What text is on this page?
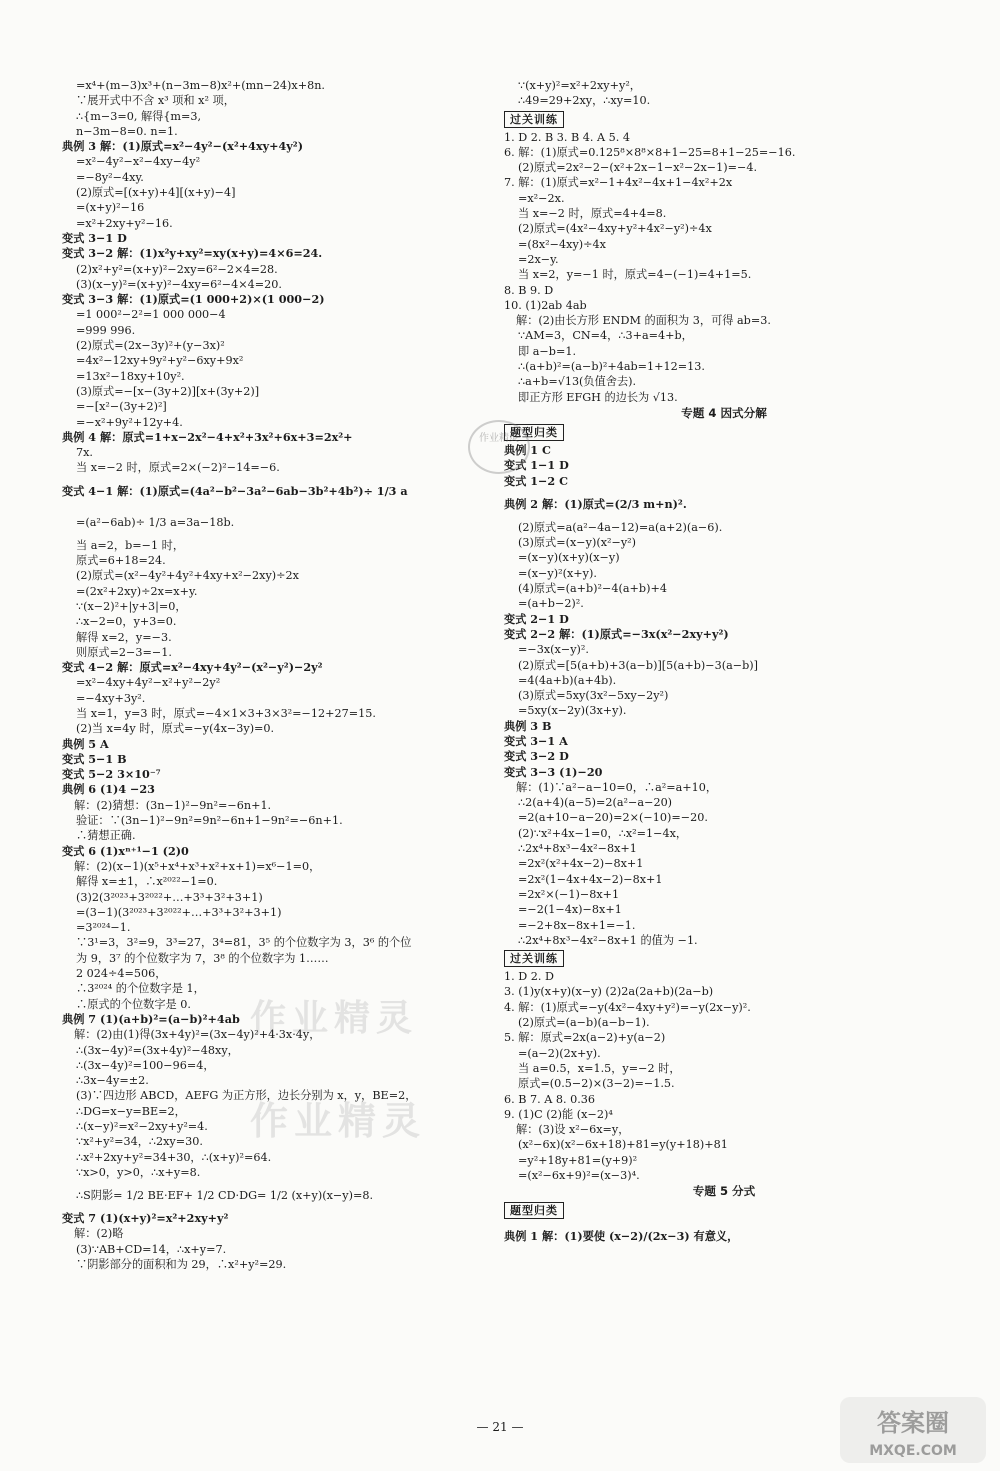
=x⁴+(m−3)x³+(n−3m−8)x²+(mn−24)x+8n.
∵展开式中不含 x³ 项和 x² 项，
∴{m−3=0, 解得{m=3,
n−3m−8=0. n=1.
典例 3 解：(1)原式=x²−4y²−(x²+4xy+4y²)
=x²−4y²−x²−4xy−4y²
=−8y²−4xy.
(2)原式=[(x+y)+4][(x+y)−4]
=(x+y)²−16
=x²+2xy+y²−16.
变式 3−1 D
变式 3−2 解：(1)x²y+xy²=xy(x+y)=4×6=24.
(2)x²+y²=(x+y)²−2xy=6²−2×4=28.
(3)(x−y)²=(x+y)²−4xy=6²−4×4=20.
变式 3−3 解：(1)原式=(1 000+2)×(1 000−2)
=1 000²−2²=1 000 000−4
=999 996.
(2)原式=(2x−3y)²+(y−3x)²
=4x²−12xy+9y²+y²−6xy+9x²
=13x²−18xy+10y².
(3)原式=−[x−(3y+2)][x+(3y+2)]
=−[x²−(3y+2)²]
=−x²+9y²+12y+4.
典例 4 解：原式=1+x−2x²−4+x²+3x²+6x+3=2x²+
7x.
当 x=−2 时，原式=2×(−2)²−14=−6.
变式 4−1 解：(1)原式=(4a²−b²−3a²−6ab−3b²+4b²)÷ 1/3 a
=(a²−6ab)÷ 1/3 a=3a−18b.
当 a=2，b=−1 时，
原式=6+18=24.
(2)原式=(x²−4y²+4y²+4xy+x²−2xy)÷2x
=(2x²+2xy)÷2x=x+y.
∵(x−2)²+|y+3|=0，
∴x−2=0，y+3=0.
解得 x=2，y=−3.
则原式=2−3=−1.
变式 4−2 解：原式=x²−4xy+4y²−(x²−y²)−2y²
=x²−4xy+4y²−x²+y²−2y²
=−4xy+3y².
当 x=1，y=3 时，原式=−4×1×3+3×3²=−12+27=15.
(2)当 x=4y 时，原式=−y(4x−3y)=0.
典例 5 A
变式 5−1 B
变式 5−2 3×10⁻⁷
典例 6 (1)4 −23
解：(2)猜想：(3n−1)²−9n²=−6n+1.
验证：∵(3n−1)²−9n²=9n²−6n+1−9n²=−6n+1.
∴猜想正确.
变式 6 (1)xⁿ⁺¹−1 (2)0
解：(2)(x−1)(x⁵+x⁴+x³+x²+x+1)=x⁶−1=0，
解得 x=±1，∴x²⁰²²−1=0.
(3)2(3²⁰²³+3²⁰²²+…+3³+3²+3+1)
=(3−1)(3²⁰²³+3²⁰²²+…+3³+3²+3+1)
=3²⁰²⁴−1.
∵3¹=3，3²=9，3³=27，3⁴=81，3⁵ 的个位数字为 3，3⁶ 的个位
为 9，3⁷ 的个位数字为 7，3⁸ 的个位数字为 1……
2 024÷4=506，
∴3²⁰²⁴ 的个位数字是 1，
∴原式的个位数字是 0.
典例 7 (1)(a+b)²=(a−b)²+4ab
解：(2)由(1)得(3x+4y)²=(3x−4y)²+4·3x·4y，
∴(3x−4y)²=(3x+4y)²−48xy，
∴(3x−4y)²=100−96=4，
∴3x−4y=±2.
(3)∵四边形 ABCD，AEFG 为正方形，边长分别为 x，y，BE=2，
∴DG=x−y=BE=2，
∴(x−y)²=x²−2xy+y²=4.
∵x²+y²=34，∴2xy=30.
∴x²+2xy+y²=34+30，∴(x+y)²=64.
∵x>0，y>0，∴x+y=8.
∴S阴影= 1/2 BE·EF+ 1/2 CD·DG= 1/2 (x+y)(x−y)=8.
变式 7 (1)(x+y)²=x²+2xy+y²
解：(2)略
(3)∵AB+CD=14，∴x+y=7.
∵阴影部分的面积和为 29，∴x²+y²=29.
∵(x+y)²=x²+2xy+y²，
∴49=29+2xy，∴xy=10.
过关训练
1. D 2. B 3. B 4. A 5. 4
6. 解：(1)原式=0.125⁸×8⁸×8+1−25=8+1−25=−16.
(2)原式=2x²−2−(x²+2x−1−x²−2x−1)=−4.
7. 解：(1)原式=x²−1+4x²−4x+1−4x²+2x
=x²−2x.
当 x=−2 时，原式=4+4=8.
(2)原式=(4x²−4xy+y²+4x²−y²)÷4x
=(8x²−4xy)÷4x
=2x−y.
当 x=2，y=−1 时，原式=4−(−1)=4+1=5.
8. B 9. D
10. (1)2ab 4ab
解：(2)由长方形 ENDM 的面积为 3，可得 ab=3.
∵AM=3，CN=4，∴3+a=4+b，
即 a−b=1.
∴(a+b)²=(a−b)²+4ab=1+12=13.
∴a+b=√13(负值舍去).
即正方形 EFGH 的边长为 √13.
专题 4 因式分解
题型归类
典例 1 C
变式 1−1 D
变式 1−2 C
典例 2 解：(1)原式=(2/3 m+n)².
(2)原式=a(a²−4a−12)=a(a+2)(a−6).
(3)原式=(x−y)(x²−y²)
=(x−y)(x+y)(x−y)
=(x−y)²(x+y).
(4)原式=(a+b)²−4(a+b)+4
=(a+b−2)².
变式 2−1 D
变式 2−2 解：(1)原式=−3x(x²−2xy+y²)
=−3x(x−y)².
(2)原式=[5(a+b)+3(a−b)][5(a+b)−3(a−b)]
=4(4a+b)(a+4b).
(3)原式=5xy(3x²−5xy−2y²)
=5xy(x−2y)(3x+y).
典例 3 B
变式 3−1 A
变式 3−2 D
变式 3−3 (1)−20
解：(1)∵a²−a−10=0，∴a²=a+10，
∴2(a+4)(a−5)=2(a²−a−20)
=2(a+10−a−20)=2×(−10)=−20.
(2)∵x²+4x−1=0，∴x²=1−4x，
∴2x⁴+8x³−4x²−8x+1
=2x²(x²+4x−2)−8x+1
=2x²(1−4x+4x−2)−8x+1
=2x²×(−1)−8x+1
=−2(1−4x)−8x+1
=−2+8x−8x+1=−1.
∴2x⁴+8x³−4x²−8x+1 的值为 −1.
过关训练
1. D 2. D
3. (1)y(x+y)(x−y) (2)2a(2a+b)(2a−b)
4. 解：(1)原式=−y(4x²−4xy+y²)=−y(2x−y)².
(2)原式=(a−b)(a−b−1).
5. 解：原式=2x(a−2)+y(a−2)
=(a−2)(2x+y).
当 a=0.5，x=1.5，y=−2 时，
原式=(0.5−2)×(3−2)=−1.5.
6. B 7. A 8. 0.36
9. (1)C (2)能 (x−2)⁴
解：(3)设 x²−6x=y，
(x²−6x)(x²−6x+18)+81=y(y+18)+81
=y²+18y+81=(y+9)²
=(x²−6x+9)²=(x−3)⁴.
专题 5 分式
题型归类
典例 1 解：(1)要使 (x−2)/(2x−3) 有意义，
— 21 —
作业精灵
作业精灵
作业精灵
答案圈
MXQE.COM
